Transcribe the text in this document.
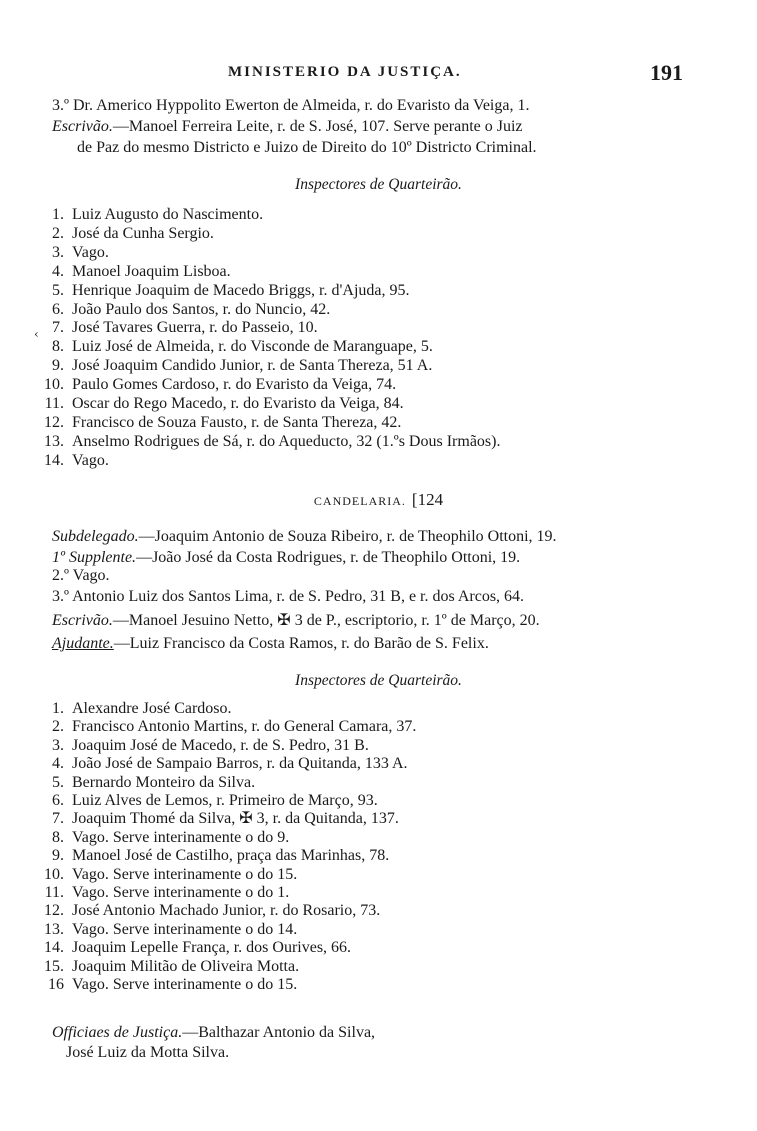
MINISTERIO DA JUSTIÇA.	191
3.º Dr. Americo Hyppolito Ewerton de Almeida, r. do Evaristo da Veiga, 1.
Escrivão.—Manoel Ferreira Leite, r. de S. José, 107. Serve perante o Juiz
de Paz do mesmo Districto e Juizo de Direito do 10º Districto Criminal.
Inspectores de Quarteirão.
1. Luiz Augusto do Nascimento.
2. José da Cunha Sergio.
3. Vago.
4. Manoel Joaquim Lisboa.
5. Henrique Joaquim de Macedo Briggs, r. d'Ajuda, 95.
6. João Paulo dos Santos, r. do Nuncio, 42.
7. José Tavares Guerra, r. do Passeio, 10.
8. Luiz José de Almeida, r. do Visconde de Maranguape, 5.
9. José Joaquim Candido Junior, r. de Santa Thereza, 51 A.
10. Paulo Gomes Cardoso, r. do Evaristo da Veiga, 74.
11. Oscar do Rego Macedo, r. do Evaristo da Veiga, 84.
12. Francisco de Souza Fausto, r. de Santa Thereza, 42.
13. Anselmo Rodrigues de Sá, r. do Aqueducto, 32 (1.ºs Dous Irmãos).
14. Vago.
‹
CANDELARIA. [124
Subdelegado.—Joaquim Antonio de Souza Ribeiro, r. de Theophilo Ottoni, 19.
1º Supplente.—João José da Costa Rodrigues, r. de Theophilo Ottoni, 19.
2.º Vago.
3.º Antonio Luiz dos Santos Lima, r. de S. Pedro, 31 B, e r. dos Arcos, 64.
Escrivão.—Manoel Jesuino Netto, ✠ 3 de P., escriptorio, r. 1º de Março, 20.
Ajudante.—Luiz Francisco da Costa Ramos, r. do Barão de S. Felix.
Inspectores de Quarteirão.
1. Alexandre José Cardoso.
2. Francisco Antonio Martins, r. do General Camara, 37.
3. Joaquim José de Macedo, r. de S. Pedro, 31 B.
4. João José de Sampaio Barros, r. da Quitanda, 133 A.
5. Bernardo Monteiro da Silva.
6. Luiz Alves de Lemos, r. Primeiro de Março, 93.
7. Joaquim Thomé da Silva, ✠ 3, r. da Quitanda, 137.
8. Vago. Serve interinamente o do 9.
9. Manoel José de Castilho, praça das Marinhas, 78.
10. Vago. Serve interinamente o do 15.
11. Vago. Serve interinamente o do 1.
12. José Antonio Machado Junior, r. do Rosario, 73.
13. Vago. Serve interinamente o do 14.
14. Joaquim Lepelle França, r. dos Ourives, 66.
15. Joaquim Militão de Oliveira Motta.
16 Vago. Serve interinamente o do 15.
Officiaes de Justiça.—Balthazar Antonio da Silva,
José Luiz da Motta Silva.
